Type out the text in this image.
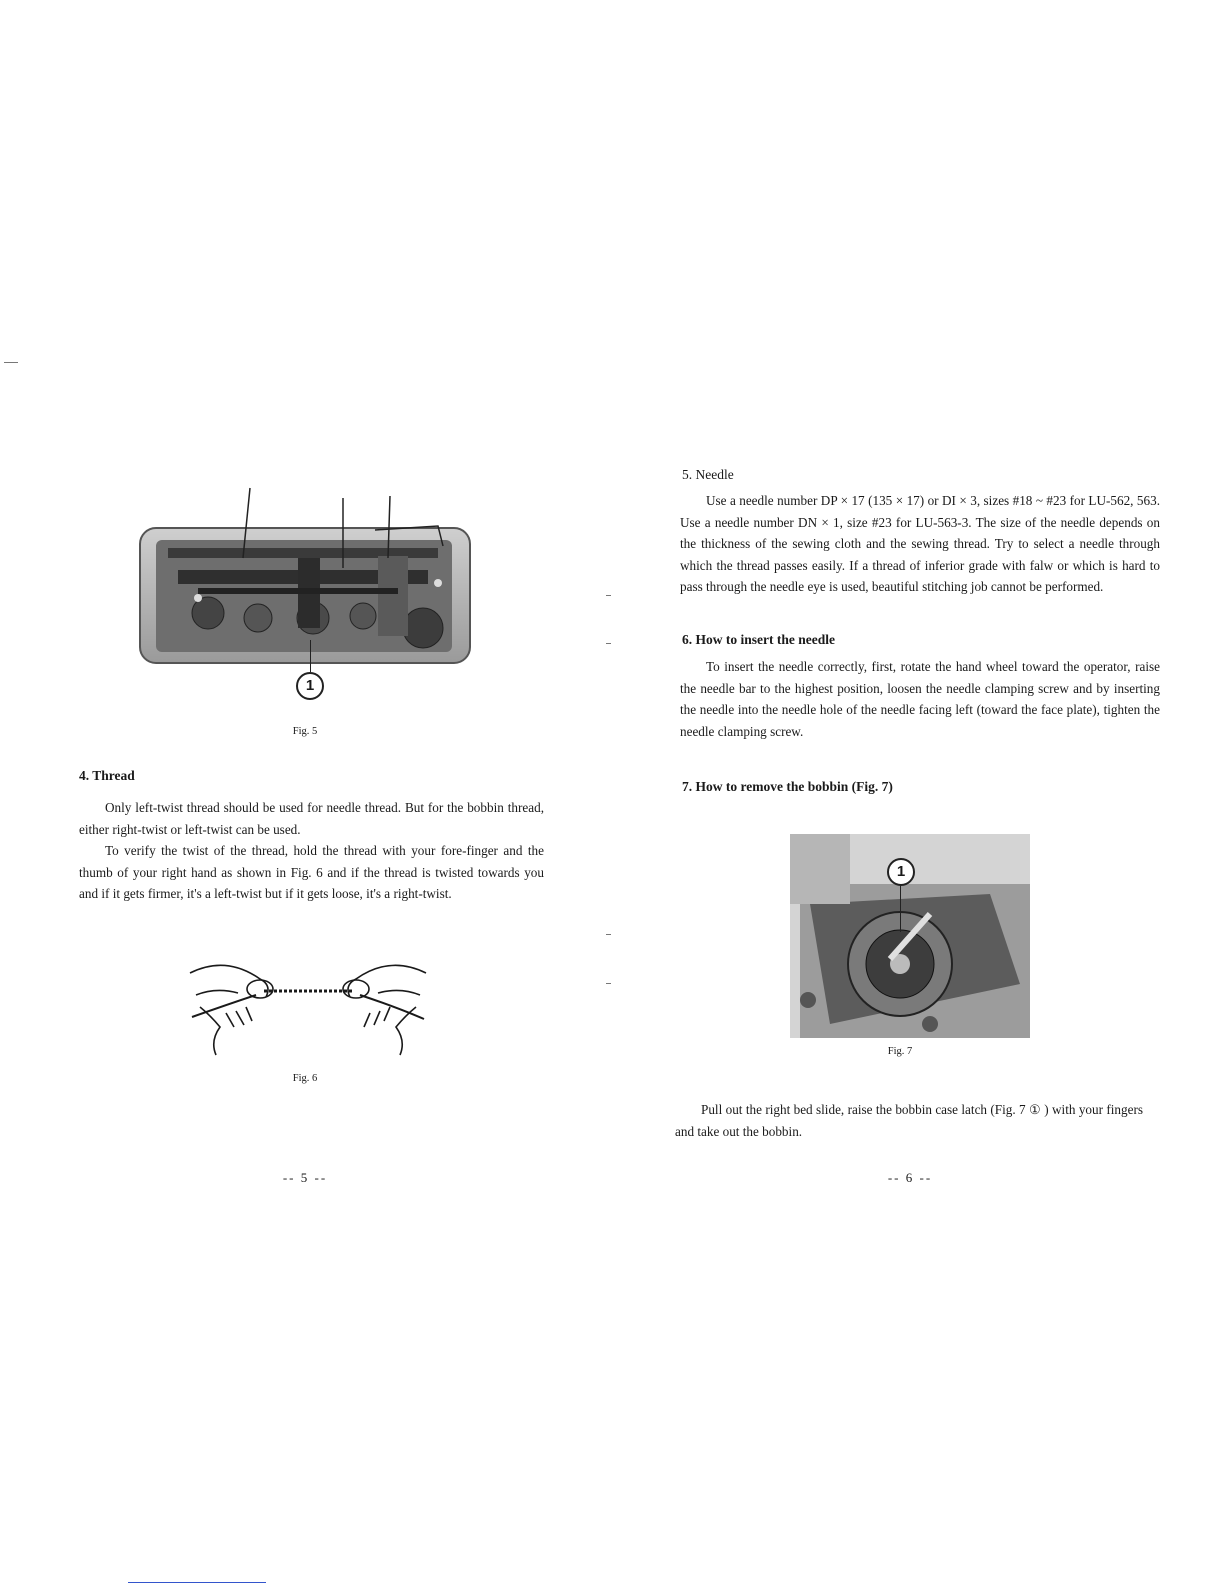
1
Fig. 5
4. Thread

Only left-twist thread should be used for needle thread. But for the bobbin thread, either right-twist or left-twist can be used.

To verify the twist of the thread, hold the thread with your fore-finger and the thumb of your right hand as shown in Fig. 6 and if the thread is twisted towards you and if it gets firmer, it's a left-twist but if it gets loose, it's a right-twist.

Fig. 6
-- 5 --
5. Needle

Use a needle number DP × 17 (135 × 17) or DI × 3, sizes #18 ~ #23 for LU-562, 563. Use a needle number DN × 1, size #23 for LU-563-3. The size of the needle depends on the thickness of the sewing cloth and the sewing thread. Try to select a needle through which the thread passes easily. If a thread of inferior grade with falw or which is hard to pass through the needle eye is used, beautiful stitching job cannot be performed.

6. How to insert the needle

To insert the needle correctly, first, rotate the hand wheel toward the operator, raise the needle bar to the highest position, loosen the needle clamping screw and by inserting the needle into the needle hole of the needle facing left (toward the face plate), tighten the needle clamping screw.

7. How to remove the bobbin (Fig. 7)
1
Fig. 7

Pull out the right bed slide, raise the bobbin case latch (Fig. 7 ① ) with your fingers and take out the bobbin.

-- 6 --
